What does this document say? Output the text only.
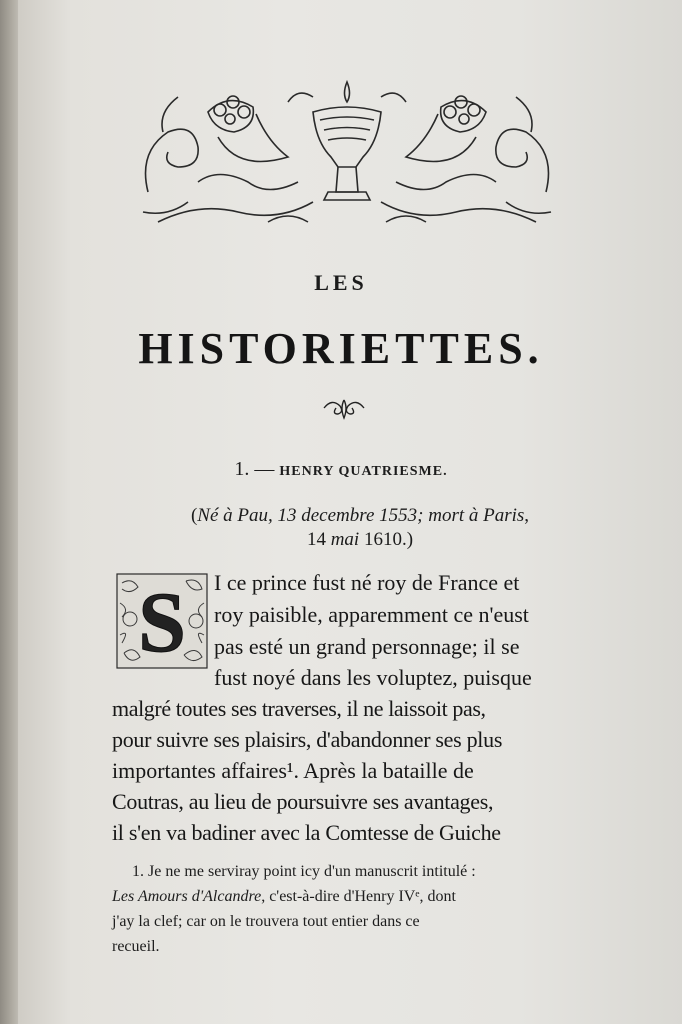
LES
HISTORIETTES.
1. — HENRY QUATRIESME.
(Né à Pau, 13 decembre 1553; mort à Paris,
14 mai 1610.)
S I ce prince fust né roy de France et
roy paisible, apparemment ce n'eust
pas esté un grand personnage; il se
fust noyé dans les voluptez, puisque
malgré toutes ses traverses, il ne laissoit pas,
pour suivre ses plaisirs, d'abandonner ses plus
importantes affaires¹. Après la bataille de
Coutras, au lieu de poursuivre ses avantages,
il s'en va badiner avec la Comtesse de Guiche
1. Je ne me serviray point icy d'un manuscrit intitulé :
Les Amours d'Alcandre, c'est-à-dire d'Henry IVᵉ, dont
j'ay la clef; car on le trouvera tout entier dans ce
recueil.
